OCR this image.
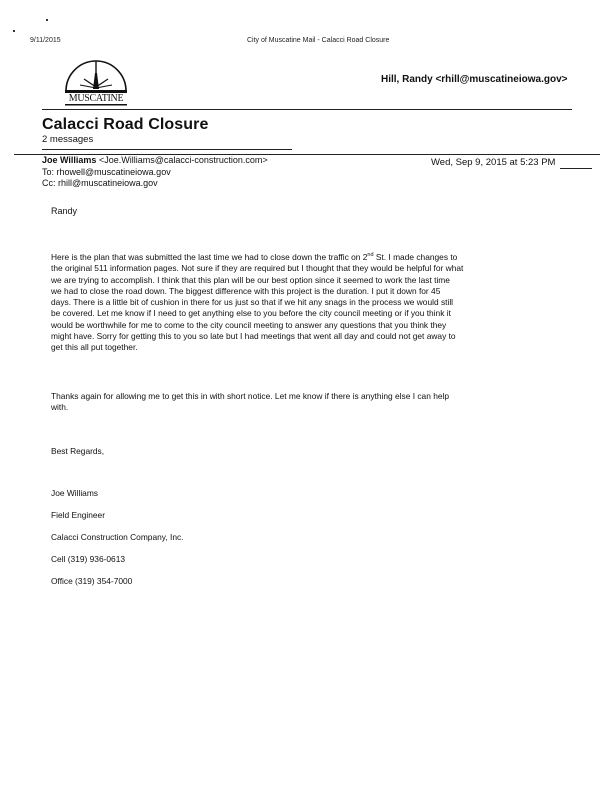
9/11/2015	City of Muscatine Mail - Calacci Road Closure
MUSCATINE
Hill, Randy <rhill@muscatineiowa.gov>
Calacci Road Closure
2 messages
Joe Williams <Joe.Williams@calacci-construction.com>
To: rhowell@muscatineiowa.gov
Cc: rhill@muscatineiowa.gov
Wed, Sep 9, 2015 at 5:23 PM
Randy
Here is the plan that was submitted the last time we had to close down the traffic on 2nd St. I made changes to
the original 511 information pages. Not sure if they are required but I thought that they would be helpful for what
we are trying to accomplish. I think that this plan will be our best option since it seemed to work the last time
we had to close the road down. The biggest difference with this project is the duration. I put it down for 45
days. There is a little bit of cushion in there for us just so that if we hit any snags in the process we would still
be covered. Let me know if I need to get anything else to you before the city council meeting or if you think it
would be worthwhile for me to come to the city council meeting to answer any questions that you think they
might have. Sorry for getting this to you so late but I had meetings that went all day and could not get away to
get this all put together.
Thanks again for allowing me to get this in with short notice. Let me know if there is anything else I can help
with.
Best Regards,
Joe Williams
Field Engineer
Calacci Construction Company, Inc.
Cell (319) 936-0613
Office (319) 354-7000
